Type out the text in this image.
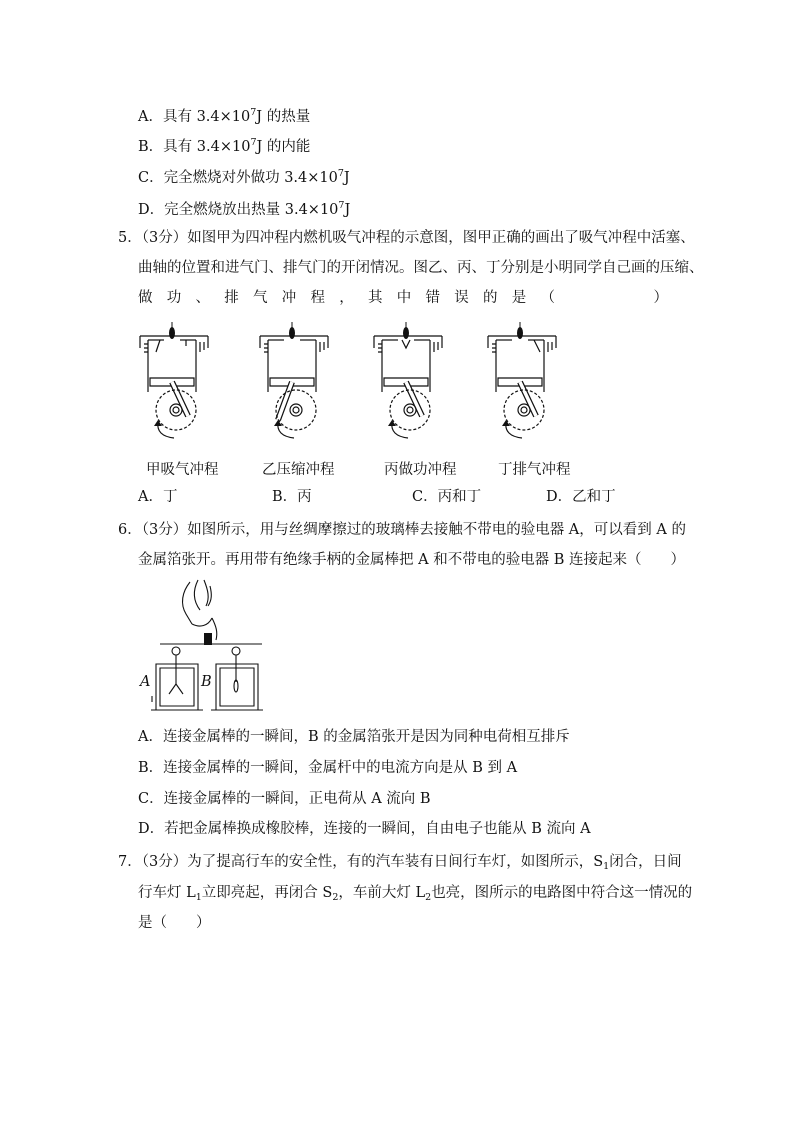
A．具有 $3.4\times 10^7J$ 的热量
B．具有 $3.4\times 10^7J$ 的内能
C．完全燃烧对外做功 $3.4\times 10^7J$
D．完全燃烧放出热量 $3.4\times 10^7J$
5．（3分）如图甲为四冲程内燃机吸气冲程的示意图，图甲正确的画出了吸气冲程中活塞、
曲轴的位置和进气门、排气门的开闭情况。图乙、丙、丁分别是小明同学自己画的压缩、
做 功 、 排 气 冲 程 ， 其 中 错 误 的 是 （	）
甲吸气冲程	乙压缩冲程	丙做功冲程	丁排气冲程
A．丁	B．丙	C．丙和丁	D．乙和丁
6．（3分）如图所示，用与丝绸摩擦过的玻璃棒去接触不带电的验电器 A，可以看到 A 的
金属箔张开。再用带有绝缘手柄的金属棒把 A 和不带电的验电器 B 连接起来（　　）
A	B
A．连接金属棒的一瞬间，B 的金属箔张开是因为同种电荷相互排斥
B．连接金属棒的一瞬间，金属杆中的电流方向是从 B 到 A
C．连接金属棒的一瞬间，正电荷从 A 流向 B
D．若把金属棒换成橡胶棒，连接的一瞬间，自由电子也能从 B 流向 A
7．（3分）为了提高行车的安全性，有的汽车装有日间行车灯，如图所示，$S_1$闭合，日间
行车灯 $L_1$立即亮起，再闭合 $S_2$，车前大灯 $L_2$也亮，图所示的电路图中符合这一情况的
是（　　）
